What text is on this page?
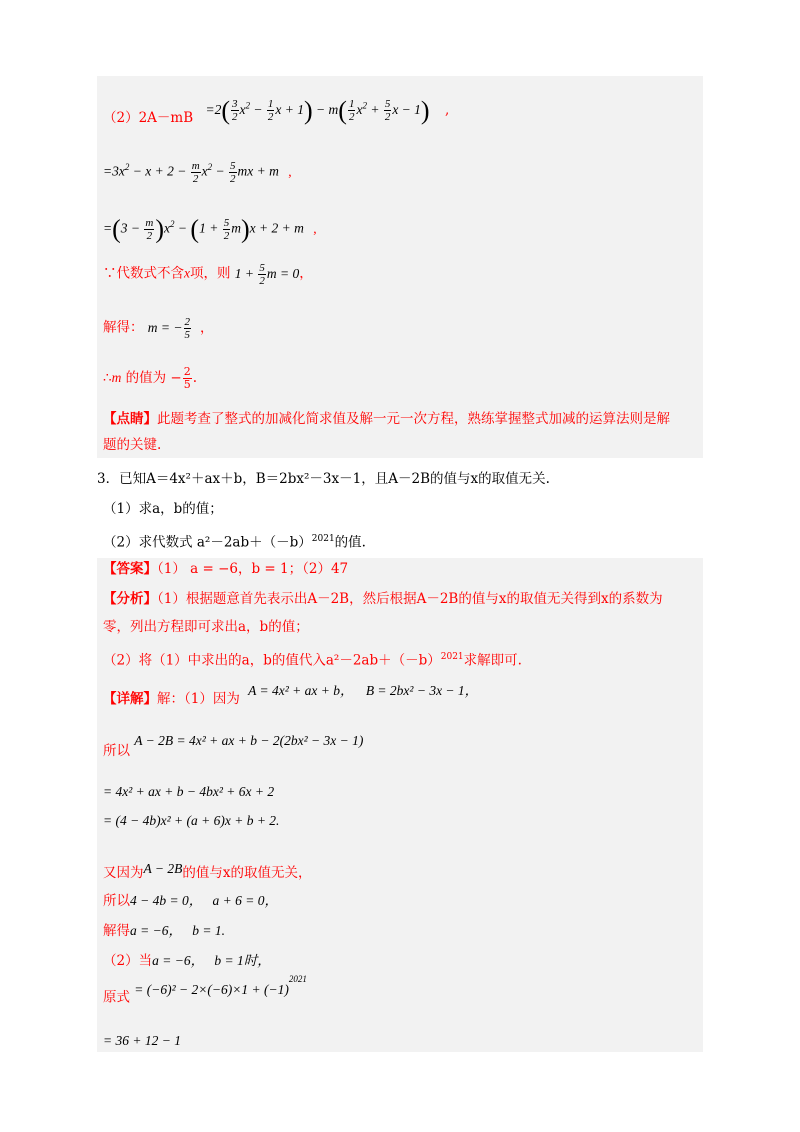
$(2)2A-mB =2( \frac{3}{2} x^2 - \frac{1}{2}$ $x + 1) - m( \frac{1}{2} x^2 + \frac{5}{2}$ x − 1) ,
$=3x^2 - x + 2 - \frac{m}{2} x^2 - \frac{5}{2}$ mx + m ,
$=(3 - \frac{m}{2} )x^2 - (1 + \frac{5}{2} m)x + 2 + m$ ,
∵代数式不含x项，则 $1 + \frac{5}{2}$ m = 0，
解得： m = − $\frac{2}{5}$ ，
∴m 的值为 − $\frac{2}{5}$ .
【点睛】此题考查了整式的加减化简求值及解一元一次方程，熟练掌握整式加减的运算法则是解
题的关键.
3．已知A＝4x²＋ax＋b，B＝2bx²－3x－1，且A－2B的值与x的取值无关.
（1）求a，b的值；
（2）求代数式 $a^2-2ab+(-b)^{2021}$的值.
【答案】（1） a = −6，b = 1；（2）47
【分析】（1）根据题意首先表示出A－2B，然后根据A－2B的值与x的取值无关得到x的系数为
零，列出方程即可求出a，b的值；
（2）将（1）中求出的a，b的值代入$a^2-2ab+(-b)^{2021}$求解即可.
【详解】解：（1）因为 A = 4x² + ax + b， B = 2bx² − 3x − 1，
所以 A − 2B = 4x² + ax + b − 2(2bx² − 3x − 1)
= 4x² + ax + b − 4bx² + 6x + 2
= (4 − 4b)x² + (a + 6)x + b + 2.
又因为A − 2B的值与x的取值无关，
所以4 − 4b = 0， a + 6 = 0，
解得a = −6， b = 1.
（2）当a = −6， b = 1时，
原式 = $(-6)^2 - 2\times(-6)\times 1 + (-1)^{2021}$
= 36 + 12 − 1
